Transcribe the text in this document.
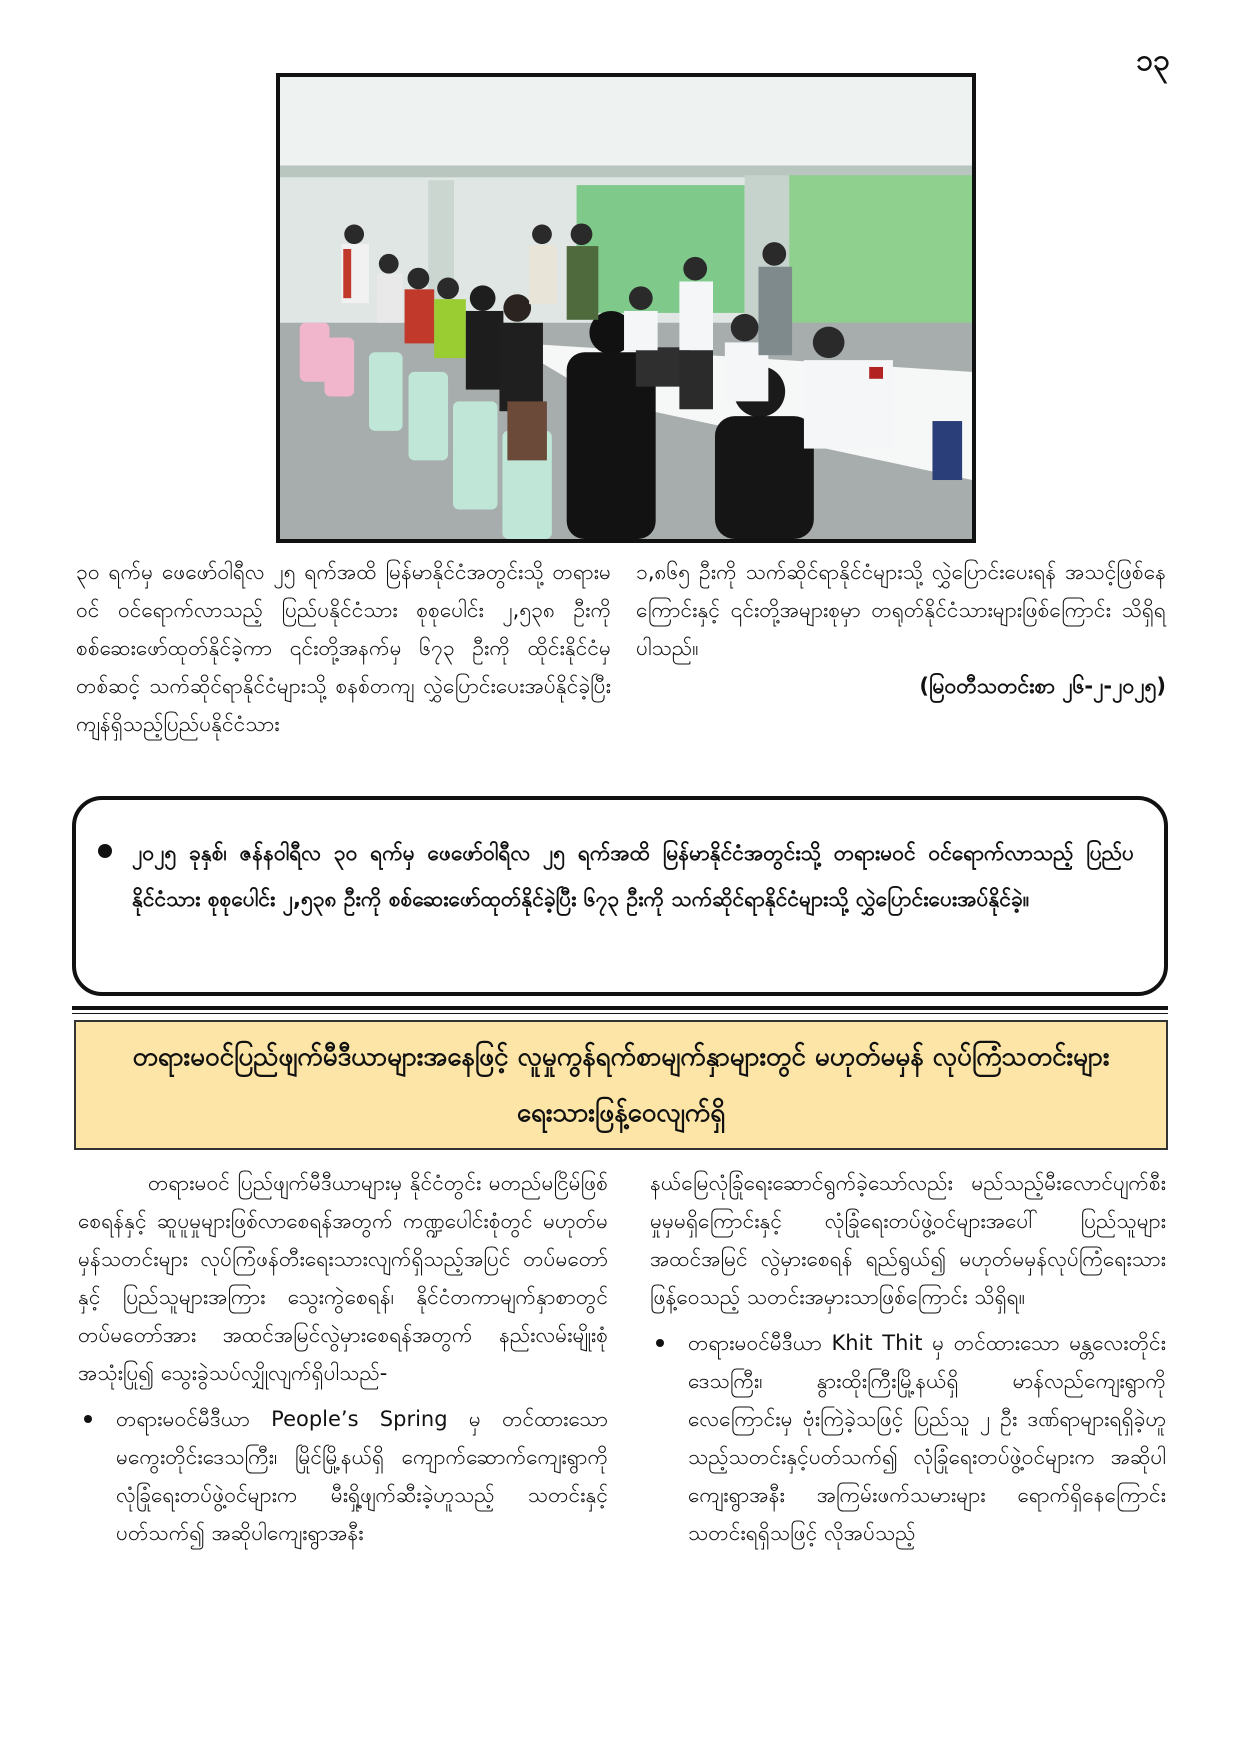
၁၃

၃၀ ရက်မှ ဖေဖော်ဝါရီလ ၂၅ ရက်အထိ မြန်မာနိုင်ငံအတွင်းသို့ တရားမဝင် ဝင်ရောက်လာသည့် ပြည်ပနိုင်ငံသား စုစုပေါင်း ၂,၅၃၈ ဦးကို စစ်ဆေးဖော်ထုတ်နိုင်ခဲ့ကာ ၎င်းတို့အနက်မှ ၆၇၃ ဦးကို ထိုင်းနိုင်ငံမှတစ်ဆင့် သက်ဆိုင်ရာနိုင်ငံများသို့ စနစ်တကျ လွှဲပြောင်းပေးအပ်နိုင်ခဲ့ပြီး ကျန်ရှိသည့်ပြည်ပနိုင်ငံသား

၁,၈၆၅ ဦးကို သက်ဆိုင်ရာနိုင်ငံများသို့ လွှဲပြောင်းပေးရန် အသင့်ဖြစ်နေကြောင်းနှင့် ၎င်းတို့အများစုမှာ တရုတ်နိုင်ငံသားများဖြစ်ကြောင်း သိရှိရပါသည်။

(မြဝတီသတင်းစာ ၂၆-၂-၂၀၂၅)

၂၀၂၅ ခုနှစ်၊ ဇန်နဝါရီလ ၃၀ ရက်မှ ဖေဖော်ဝါရီလ ၂၅ ရက်အထိ မြန်မာနိုင်ငံအတွင်းသို့ တရားမဝင် ဝင်ရောက်လာသည့် ပြည်ပနိုင်ငံသား စုစုပေါင်း ၂,၅၃၈ ဦးကို စစ်ဆေးဖော်ထုတ်နိုင်ခဲ့ပြီး ၆၇၃ ဦးကို သက်ဆိုင်ရာနိုင်ငံများသို့ လွှဲပြောင်းပေးအပ်နိုင်ခဲ့။
တရားမဝင်ပြည်ဖျက်မီဒီယာများအနေဖြင့် လူမှုကွန်ရက်စာမျက်နှာများတွင် မဟုတ်မမှန် လုပ်ကြံသတင်းများ ရေးသားဖြန့်ဝေလျက်ရှိ

တရားမဝင် ပြည်ဖျက်မီဒီယာများမှ နိုင်ငံတွင်း မတည်မငြိမ်ဖြစ်စေရန်နှင့် ဆူပူမှုများဖြစ်လာစေရန်အတွက် ကဏ္ဍပေါင်းစုံတွင် မဟုတ်မမှန်သတင်းများ လုပ်ကြံဖန်တီးရေးသားလျက်ရှိသည့်အပြင် တပ်မတော်နှင့် ပြည်သူများအကြား သွေးကွဲစေရန်၊ နိုင်ငံတကာမျက်နှာစာတွင် တပ်မတော်အား အထင်အမြင်လွဲမှားစေရန်အတွက် နည်းလမ်းမျိုးစုံအသုံးပြု၍ သွေးခွဲသပ်လျှိုလျက်ရှိပါသည်-

တရားမဝင်မီဒီယာ People’s Spring မှ တင်ထားသော မကွေးတိုင်းဒေသကြီး၊ မြိုင်မြို့နယ်ရှိ ကျောက်ဆောက်ကျေးရွာကို လုံခြုံရေးတပ်ဖွဲ့ဝင်များက မီးရှို့ဖျက်ဆီးခဲ့ဟူသည့် သတင်းနှင့်ပတ်သက်၍ အဆိုပါကျေးရွာအနီး

နယ်မြေလုံခြုံရေးဆောင်ရွက်ခဲ့သော်လည်း မည်သည့်မီးလောင်ပျက်စီးမှုမှမရှိကြောင်းနှင့် လုံခြုံရေးတပ်ဖွဲ့ဝင်များအပေါ် ပြည်သူများ အထင်အမြင် လွဲမှားစေရန် ရည်ရွယ်၍ မဟုတ်မမှန်လုပ်ကြံရေးသားဖြန့်ဝေသည့် သတင်းအမှားသာဖြစ်ကြောင်း သိရှိရ။

တရားမဝင်မီဒီယာ Khit Thit မှ တင်ထားသော မန္တလေးတိုင်းဒေသကြီး၊ နွားထိုးကြီးမြို့နယ်ရှိ မာန်လည်ကျေးရွာကို လေကြောင်းမှ ဗုံးကြဲခဲ့သဖြင့် ပြည်သူ ၂ ဦး ဒဏ်ရာများရရှိခဲ့ဟူသည့်သတင်းနှင့်ပတ်သက်၍ လုံခြုံရေးတပ်ဖွဲ့ဝင်များက အဆိုပါကျေးရွာအနီး အကြမ်းဖက်သမားများ ရောက်ရှိနေကြောင်း သတင်းရရှိသဖြင့် လိုအပ်သည့်
